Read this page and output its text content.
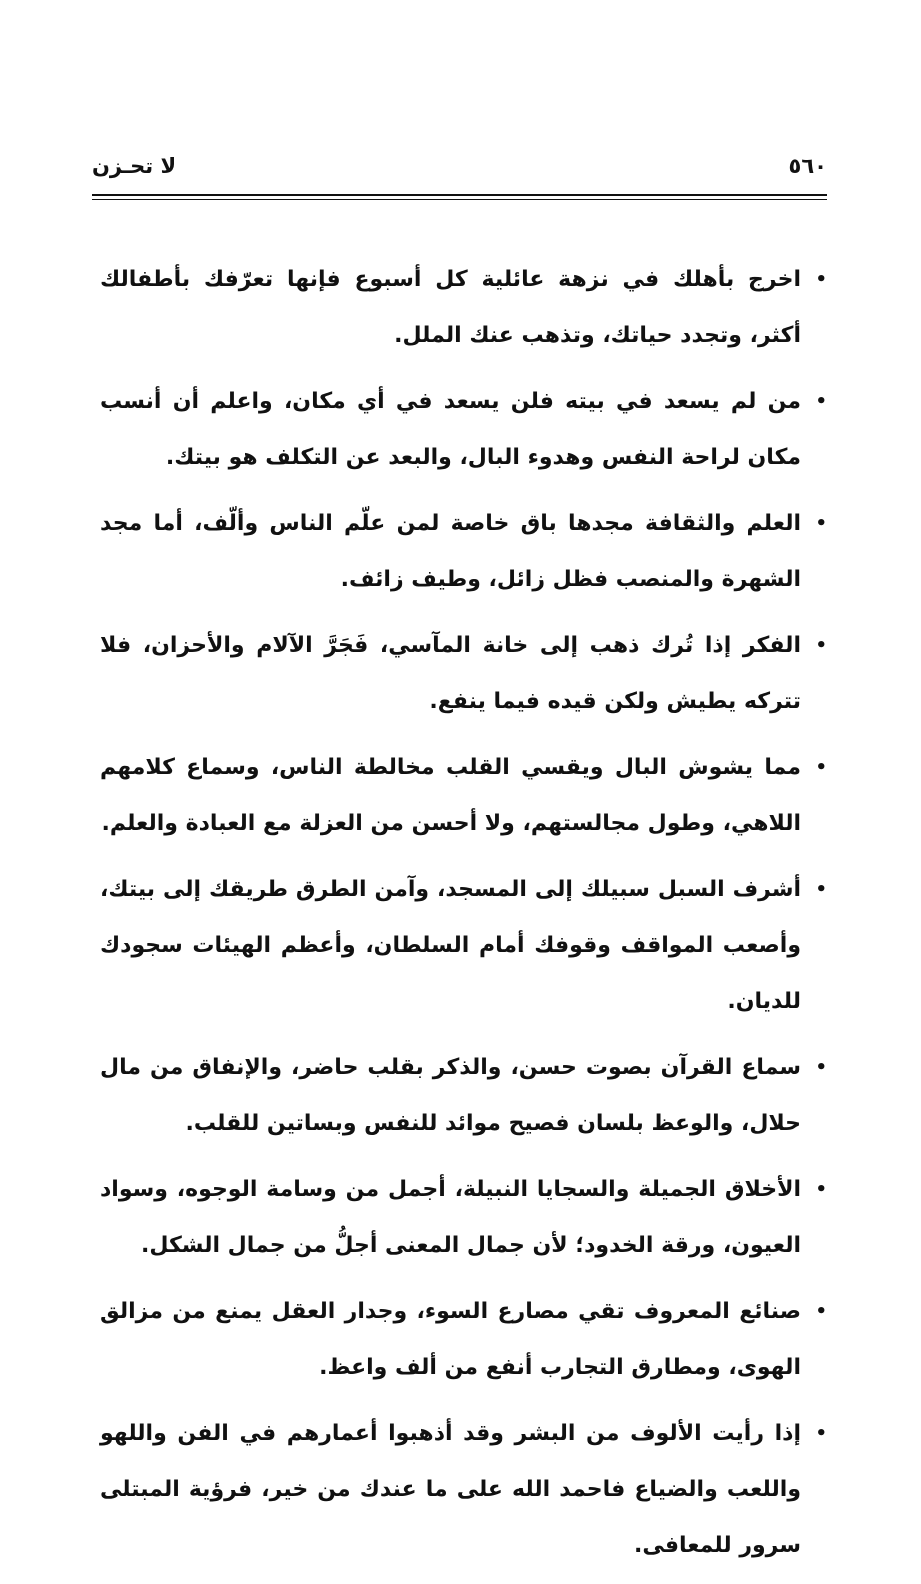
لا تحـزن	٥٦٠

•
اخرج بأهلك في نزهة عائلية كل أسبوع فإنها تعرّفك بأطفالك أكثر، وتجدد حياتك، وتذهب عنك الملل.

•
من لم يسعد في بيته فلن يسعد في أي مكان، واعلم أن أنسب مكان لراحة النفس وهدوء البال، والبعد عن التكلف هو بيتك.

•
العلم والثقافة مجدها باق خاصة لمن علّم الناس وألّف، أما مجد الشهرة والمنصب فظل زائل، وطيف زائف.

•
الفكر إذا تُرك ذهب إلى خانة المآسي، فَجَرَّ الآلام والأحزان، فلا تتركه يطيش ولكن قيده فيما ينفع.

•
مما يشوش البال ويقسي القلب مخالطة الناس، وسماع كلامهم اللاهي، وطول مجالستهم، ولا أحسن من العزلة مع العبادة والعلم.

•
أشرف السبل سبيلك إلى المسجد، وآمن الطرق طريقك إلى بيتك، وأصعب المواقف وقوفك أمام السلطان، وأعظم الهيئات سجودك للديان.

•
سماع القرآن بصوت حسن، والذكر بقلب حاضر، والإنفاق من مال حلال، والوعظ بلسان فصيح موائد للنفس وبساتين للقلب.

•
الأخلاق الجميلة والسجايا النبيلة، أجمل من وسامة الوجوه، وسواد العيون، ورقة الخدود؛ لأن جمال المعنى أجلُّ من جمال الشكل.

•
صنائع المعروف تقي مصارع السوء، وجدار العقل يمنع من مزالق الهوى، ومطارق التجارب أنفع من ألف واعظ.

•
إذا رأيت الألوف من البشر وقد أذهبوا أعمارهم في الفن واللهو واللعب والضياع فاحمد الله على ما عندك من خير، فرؤية المبتلى سرور للمعافى.
